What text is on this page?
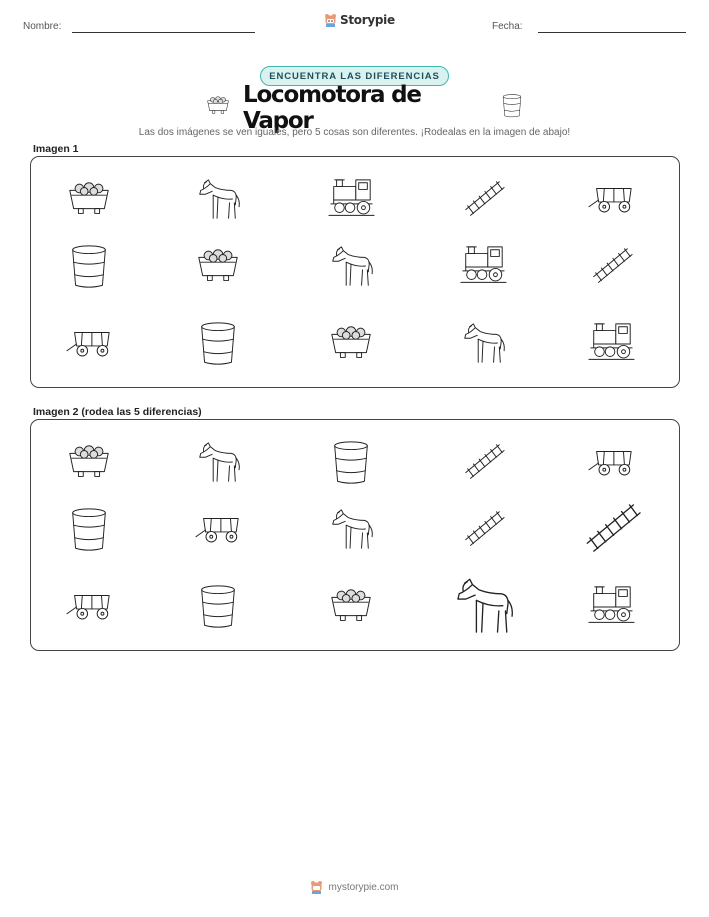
Nombre:	Storypie	Fecha:
ENCUENTRA LAS DIFERENCIAS
Locomotora de Vapor
Las dos imágenes se ven iguales, pero 5 cosas son diferentes. ¡Rodealas en la imagen de abajo!
Imagen 1
Imagen 2 (rodea las 5 diferencias)
mystorypie.com
